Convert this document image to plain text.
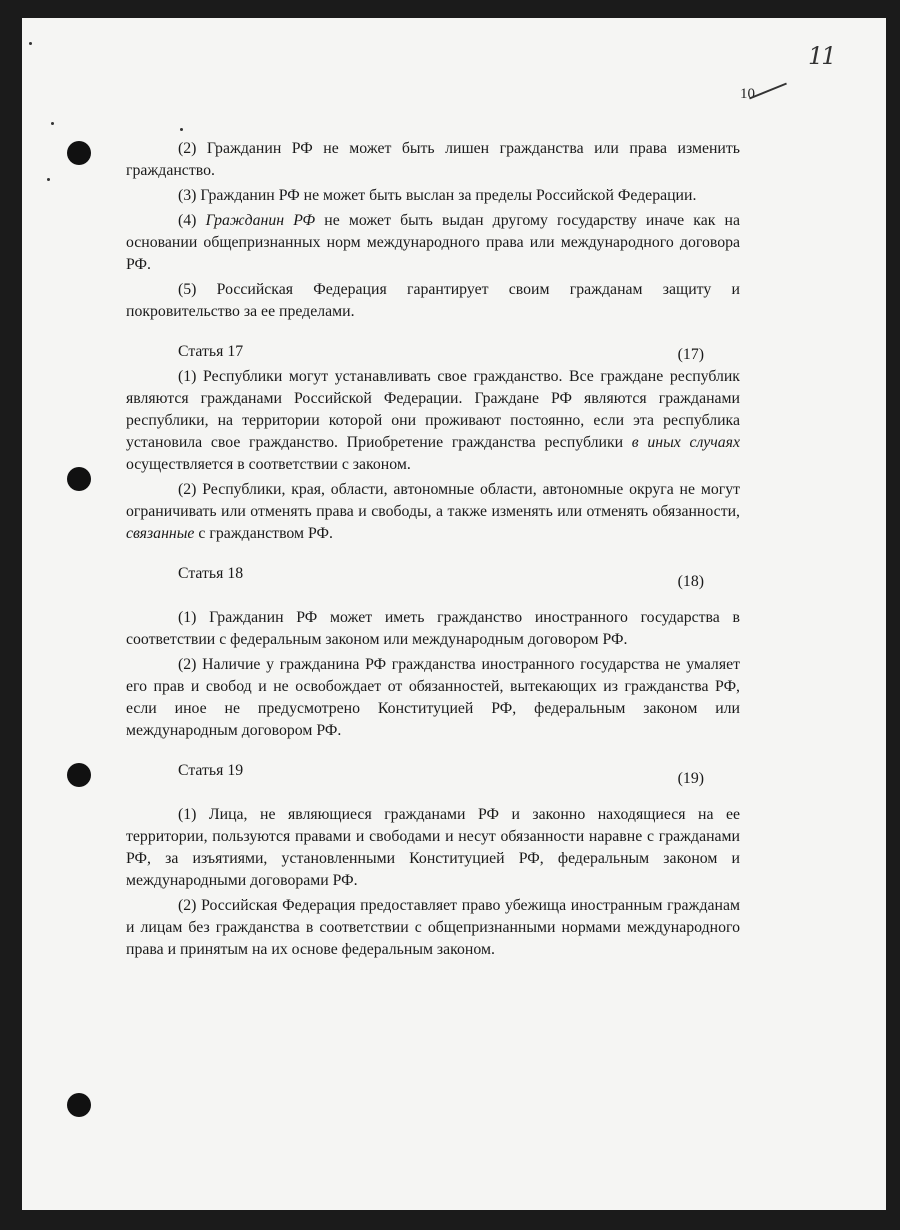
10
11

(2) Гражданин РФ не может быть лишен гражданства или права изменить гражданство.

(3) Гражданин РФ не может быть выслан за пределы Российской Федерации.

(4) Гражданин РФ не может быть выдан другому государству иначе как на основании общепризнанных норм международного права или международного договора РФ.

(5) Российская Федерация гарантирует своим гражданам защиту и покровительство за ее пределами.

Статья 17	(17)

(1) Республики могут устанавливать свое гражданство. Все граждане республик являются гражданами Российской Федерации. Граждане РФ являются гражданами республики, на территории которой они проживают постоянно, если эта республика установила свое гражданство. Приобретение гражданства республики в иных случаях осуществляется в соответствии с законом.

(2) Республики, края, области, автономные области, автономные округа не могут ограничивать или отменять права и свободы, а также изменять или отменять обязанности, связанные с гражданством РФ.

Статья 18	(18)

(1) Гражданин РФ может иметь гражданство иностранного государства в соответствии с федеральным законом или международным договором РФ.

(2) Наличие у гражданина РФ гражданства иностранного государства не умаляет его прав и свобод и не освобождает от обязанностей, вытекающих из гражданства РФ, если иное не предусмотрено Конституцией РФ, федеральным законом или международным договором РФ.

Статья 19	(19)

(1) Лица, не являющиеся гражданами РФ и законно находящиеся на ее территории, пользуются правами и свободами и несут обязанности наравне с гражданами РФ, за изъятиями, установленными Конституцией РФ, федеральным законом и международными договорами РФ.

(2) Российская Федерация предоставляет право убежища иностранным гражданам и лицам без гражданства в соответствии с общепризнанными нормами международного права и принятым на их основе федеральным законом.
